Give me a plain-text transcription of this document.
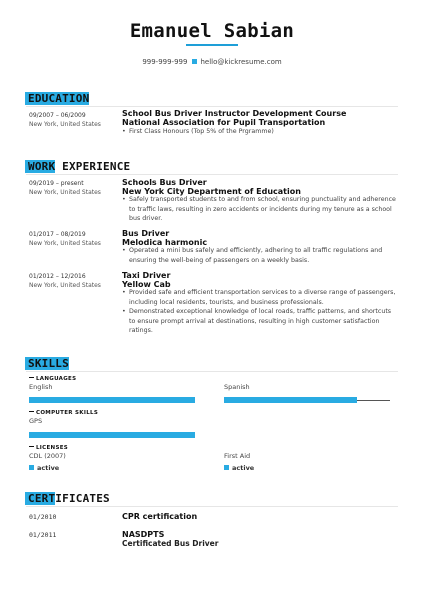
Emanuel Sabian
999-999-999 hello@kickresume.com
EDUCATION
09/2007 – 06/2009
New York, United States
School Bus Driver Instructor Development Course
National Association for Pupil Transportation
• First Class Honours (Top 5% of the Prgramme)
WORK EXPERIENCE
09/2019 – present
New York, United States
Schools Bus Driver
New York City Department of Education
• Safely transported students to and from school, ensuring punctuality and adherence to traffic laws, resulting in zero accidents or incidents during my tenure as a school bus driver.
01/2017 – 08/2019
New York, United States
Bus Driver
Melodica harmonic
• Operated a mini bus safely and efficiently, adhering to all traffic regulations and ensuring the well-being of passengers on a weekly basis.
01/2012 – 12/2016
New York, United States
Taxi Driver
Yellow Cab
• Provided safe and efficient transportation services to a diverse range of passengers, including local residents, tourists, and business professionals.
• Demonstrated exceptional knowledge of local roads, traffic patterns, and shortcuts to ensure prompt arrival at destinations, resulting in high customer satisfaction ratings.
SKILLS
LANGUAGES
English	Spanish
COMPUTER SKILLS
GPS
LICENSES
CDL (2007)
active
First Aid
active
CERTIFICATES
01/2010	CPR certification
01/2011	NASDPTS
Certificated Bus Driver
